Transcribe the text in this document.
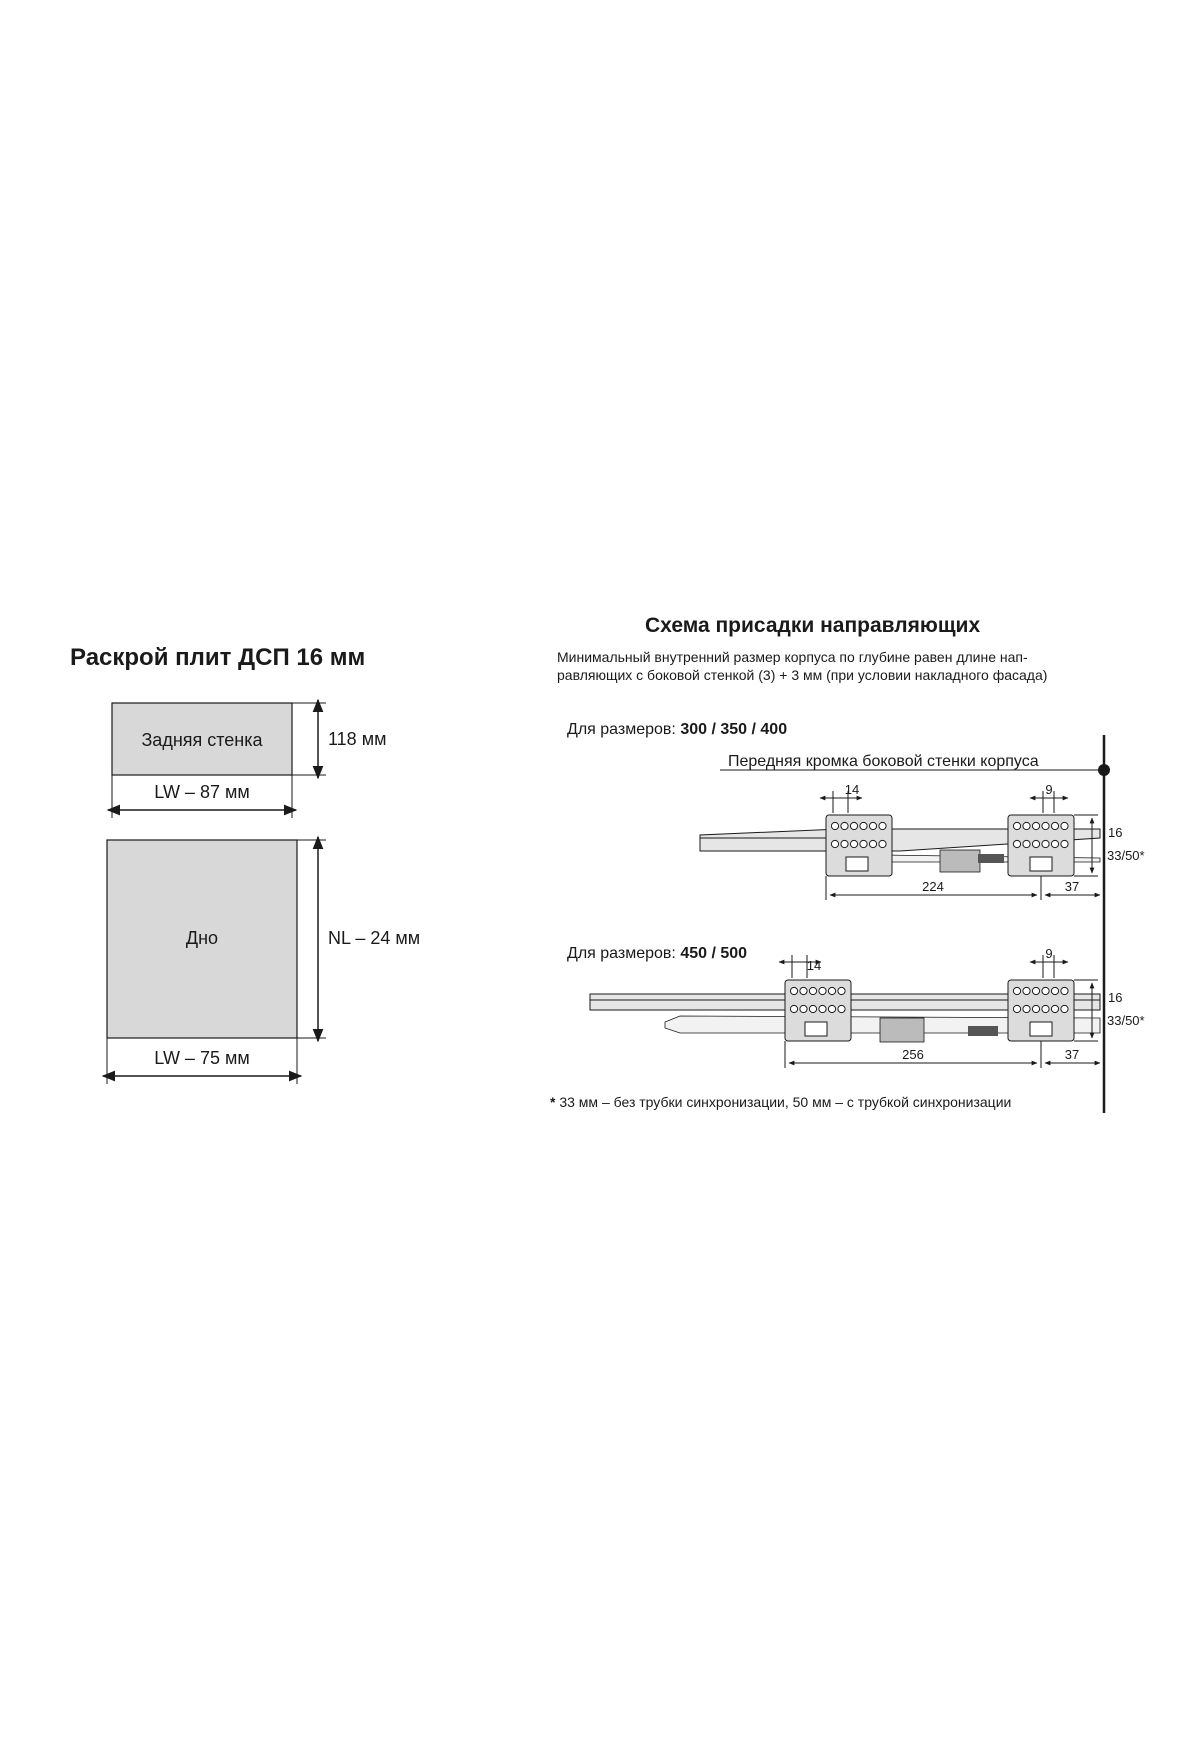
Раскрой плит ДСП 16 мм
Задняя стенка	118 мм
LW – 87 мм
Дно	NL – 24 мм
LW – 75 мм
Схема присадки направляющих
Минимальный внутренний размер корпуса по глубине равен длине нап-
равляющих с боковой стенкой (3) + 3 мм (при условии накладного фасада)
Передняя кромка боковой стенки корпуса
Для размеров: 300 / 350 / 400
14	9
16
33/50*
224	37
Для размеров: 450 / 500
14
9
16
33/50*
256	37
* 33 мм – без трубки синхронизации, 50 мм – с трубкой синхронизации
